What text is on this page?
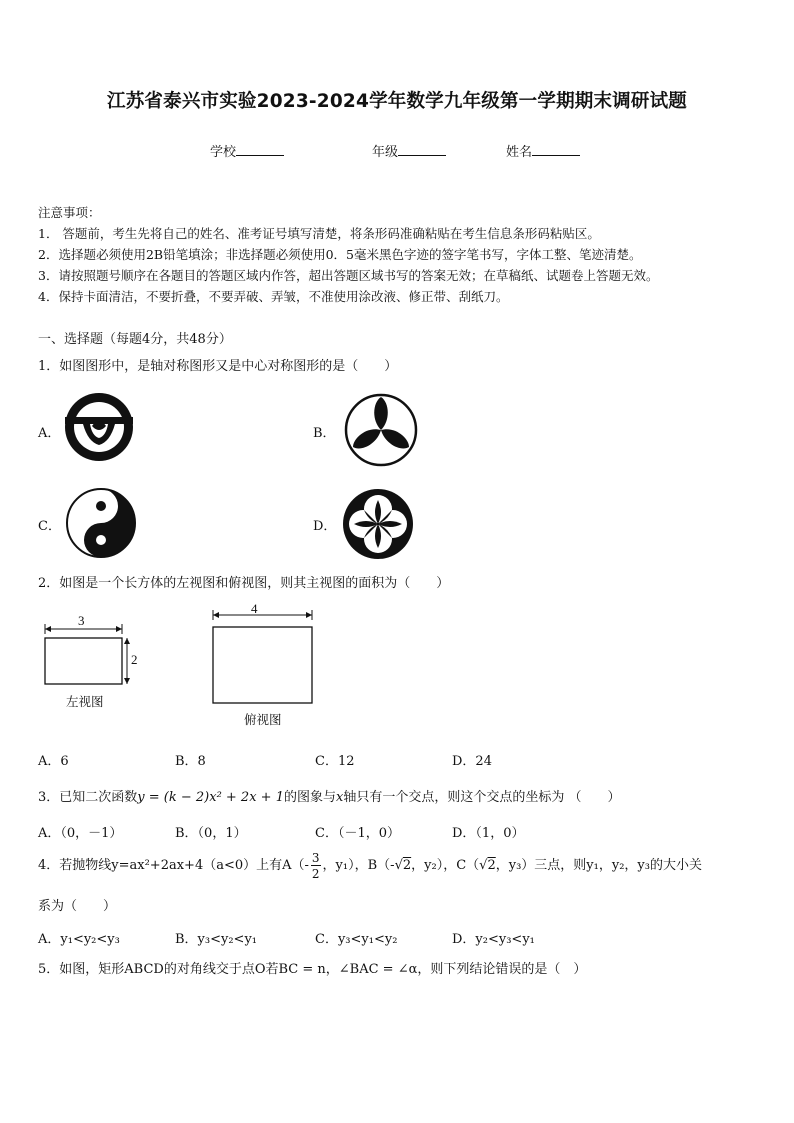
江苏省泰兴市实验2023-2024学年数学九年级第一学期期末调研试题
学校	年级	姓名
注意事项：
1． 答题前，考生先将自己的姓名、准考证号填写清楚，将条形码准确粘贴在考生信息条形码粘贴区。
2．选择题必须使用2B铅笔填涂；非选择题必须使用0．5毫米黑色字迹的签字笔书写，字体工整、笔迹清楚。
3．请按照题号顺序在各题目的答题区域内作答，超出答题区域书写的答案无效；在草稿纸、试题卷上答题无效。
4．保持卡面清洁，不要折叠，不要弄破、弄皱，不准使用涂改液、修正带、刮纸刀。
一、选择题（每题4分，共48分）
1．如图图形中，是轴对称图形又是中心对称图形的是（　　）
A．	B．
C．	D．
2．如图是一个长方体的左视图和俯视图，则其主视图的面积为（　　）
3
2
左视图
4
俯视图
A．6	B．8	C．12	D．24
3．已知二次函数y = (k − 2)x² + 2x + 1的图象与x轴只有一个交点，则这个交点的坐标为 （　　）
A．（0，－1）	B．（0，1）	C．（－1，0）	D．（1，0）
4．若抛物线y=ax²+2ax+4（a<0）上有$A(- \frac{3}{2}$ ，y₁），B（-√2，y₂），C（√2，y₃）三点，则y₁，y₂，y₃的大小关
系为（　　）
A．y₁<y₂<y₃	B．y₃<y₂<y₁	C．y₃<y₁<y₂	D．y₂<y₃<y₁
5．如图，矩形ABCD的对角线交于点O若BC = n，∠BAC = ∠α，则下列结论错误的是（　）
